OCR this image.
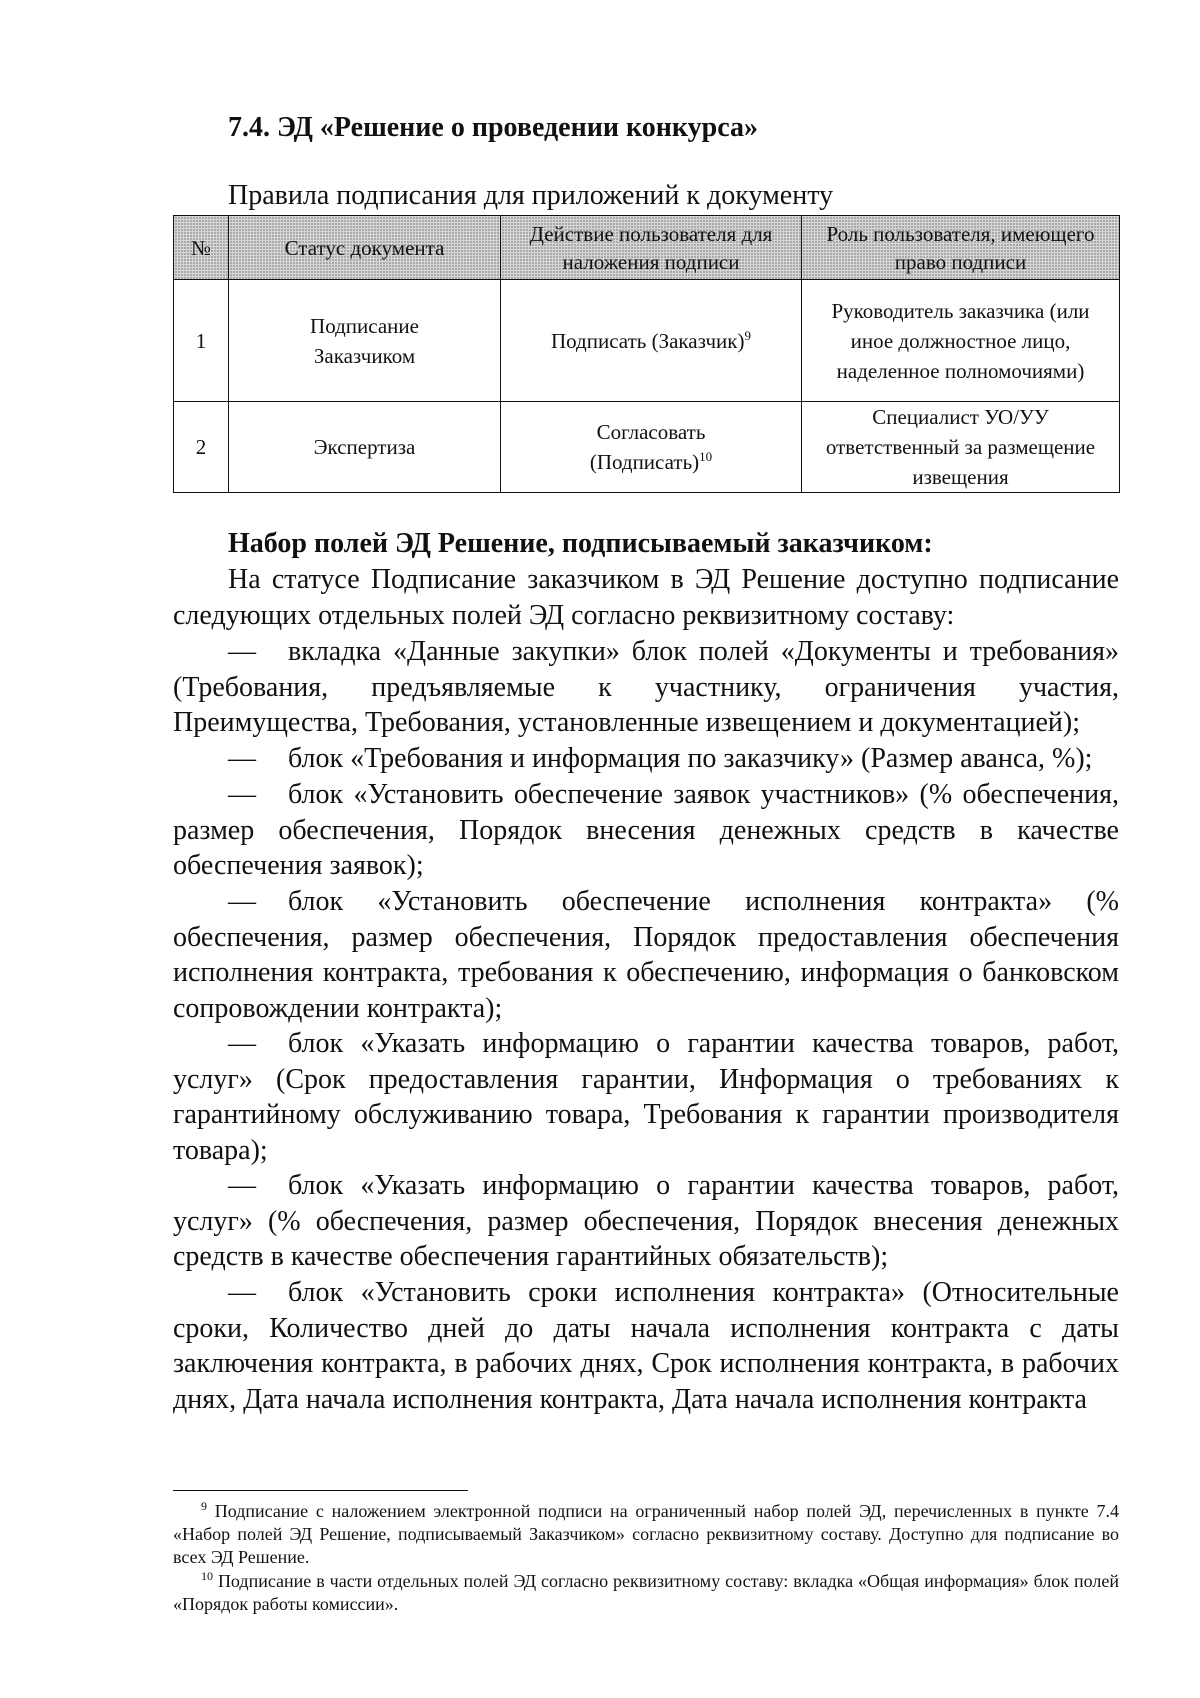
7.4. ЭД «Решение о проведении конкурса»
Правила подписания для приложений к документу
№	Статус документа	Действие пользователя для наложения подписи	Роль пользователя, имеющего право подписи
1	Подписание Заказчиком	Подписать (Заказчик)$^9$	Руководитель заказчика (или иное должностное лицо, наделенное полномочиями)
2	Экспертиза	Согласовать (Подписать)$^{10}$	Специалист УО/УУ ответственный за размещение извещения
Набор полей ЭД Решение, подписываемый заказчиком:

На статусе Подписание заказчиком в ЭД Решение доступно подписание следующих отдельных полей ЭД согласно реквизитному составу:

— вкладка «Данные закупки» блок полей «Документы и требования» (Требования, предъявляемые к участнику, ограничения участия, Преимущества, Требования, установленные извещением и документацией);

— блок «Требования и информация по заказчику» (Размер аванса, %);

— блок «Установить обеспечение заявок участников» (% обеспечения, размер обеспечения, Порядок внесения денежных средств в качестве обеспечения заявок);

— блок «Установить обеспечение исполнения контракта» (% обеспечения, размер обеспечения, Порядок предоставления обеспечения исполнения контракта, требования к обеспечению, информация о банковском сопровождении контракта);

— блок «Указать информацию о гарантии качества товаров, работ, услуг» (Срок предоставления гарантии, Информация о требованиях к гарантийному обслуживанию товара, Требования к гарантии производителя товара);

— блок «Указать информацию о гарантии качества товаров, работ, услуг» (% обеспечения, размер обеспечения, Порядок внесения денежных средств в качестве обеспечения гарантийных обязательств);

— блок «Установить сроки исполнения контракта» (Относительные сроки, Количество дней до даты начала исполнения контракта с даты заключения контракта, в рабочих днях, Срок исполнения контракта, в рабочих днях, Дата начала исполнения контракта, Дата начала исполнения контракта

$^9$ Подписание с наложением электронной подписи на ограниченный набор полей ЭД, перечисленных в пункте 7.4 «Набор полей ЭД Решение, подписываемый Заказчиком» согласно реквизитному составу. Доступно для подписание во всех ЭД Решение.

$^{10}$ Подписание в части отдельных полей ЭД согласно реквизитному составу: вкладка «Общая информация» блок полей «Порядок работы комиссии».
